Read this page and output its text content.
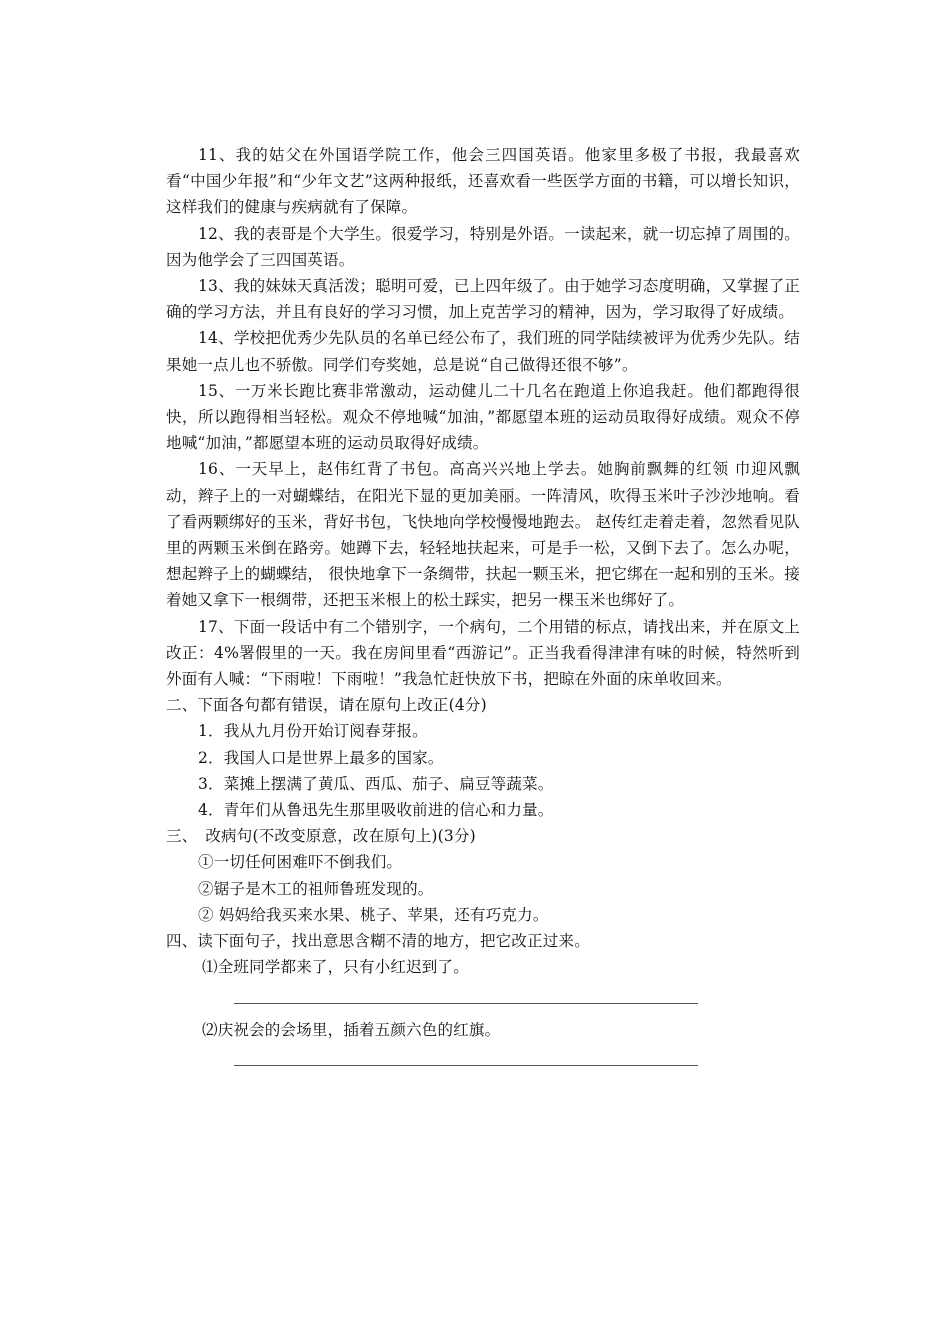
11、我的姑父在外国语学院工作，他会三四国英语。他家里多极了书报，我最喜欢看“中国少年报”和“少年文艺”这两种报纸，还喜欢看一些医学方面的书籍，可以增长知识，这样我们的健康与疾病就有了保障。

12、我的表哥是个大学生。很爱学习，特别是外语。一读起来，就一切忘掉了周围的。因为他学会了三四国英语。

13、我的妹妹天真活泼；聪明可爱，已上四年级了。由于她学习态度明确，又掌握了正确的学习方法，并且有良好的学习习惯，加上克苦学习的精神，因为，学习取得了好成绩。

14、学校把优秀少先队员的名单已经公布了，我们班的同学陆续被评为优秀少先队。结果她一点儿也不骄傲。同学们夸奖她，总是说“自己做得还很不够”。

15、一万米长跑比赛非常激动，运动健儿二十几名在跑道上你追我赶。他们都跑得很快，所以跑得相当轻松。观众不停地喊“加油，”都愿望本班的运动员取得好成绩。观众不停地喊“加油，”都愿望本班的运动员取得好成绩。

16、一天早上，赵伟红背了书包。高高兴兴地上学去。她胸前飘舞的红领 巾迎风飘动，辫子上的一对蝴蝶结，在阳光下显的更加美丽。一阵清风，吹得玉米叶子沙沙地响。看了看两颗绑好的玉米，背好书包，飞快地向学校慢慢地跑去。 赵传红走着走着，忽然看见队里的两颗玉米倒在路旁。她蹲下去，轻轻地扶起来，可是手一松，又倒下去了。怎么办呢，想起辫子上的蝴蝶结， 很快地拿下一条绸带，扶起一颗玉米，把它绑在一起和别的玉米。接着她又拿下一根绸带，还把玉米根上的松土踩实，把另一棵玉米也绑好了。

17、下面一段话中有二个错别字，一个病句，二个用错的标点，请找出来，并在原文上改正：4%署假里的一天。我在房间里看“西游记”。正当我看得津津有味的时候，特然听到外面有人喊：“下雨啦！下雨啦！”我急忙赶快放下书，把晾在外面的床单收回来。

二、下面各句都有错误，请在原句上改正(4分)

1．我从九月份开始订阅春芽报。

2．我国人口是世界上最多的国家。

3．菜摊上摆满了黄瓜、西瓜、茄子、扁豆等蔬菜。

4．青年们从鲁迅先生那里吸收前进的信心和力量。

三、　改病句(不改变原意，改在原句上)(3分)

①一切任何困难吓不倒我们。

②锯子是木工的祖师鲁班发现的。

② 妈妈给我买来水果、桃子、苹果，还有巧克力。

四、读下面句子，找出意思含糊不清的地方，把它改正过来。

⑴全班同学都来了，只有小红迟到了。

⑵庆祝会的会场里，插着五颜六色的红旗。
